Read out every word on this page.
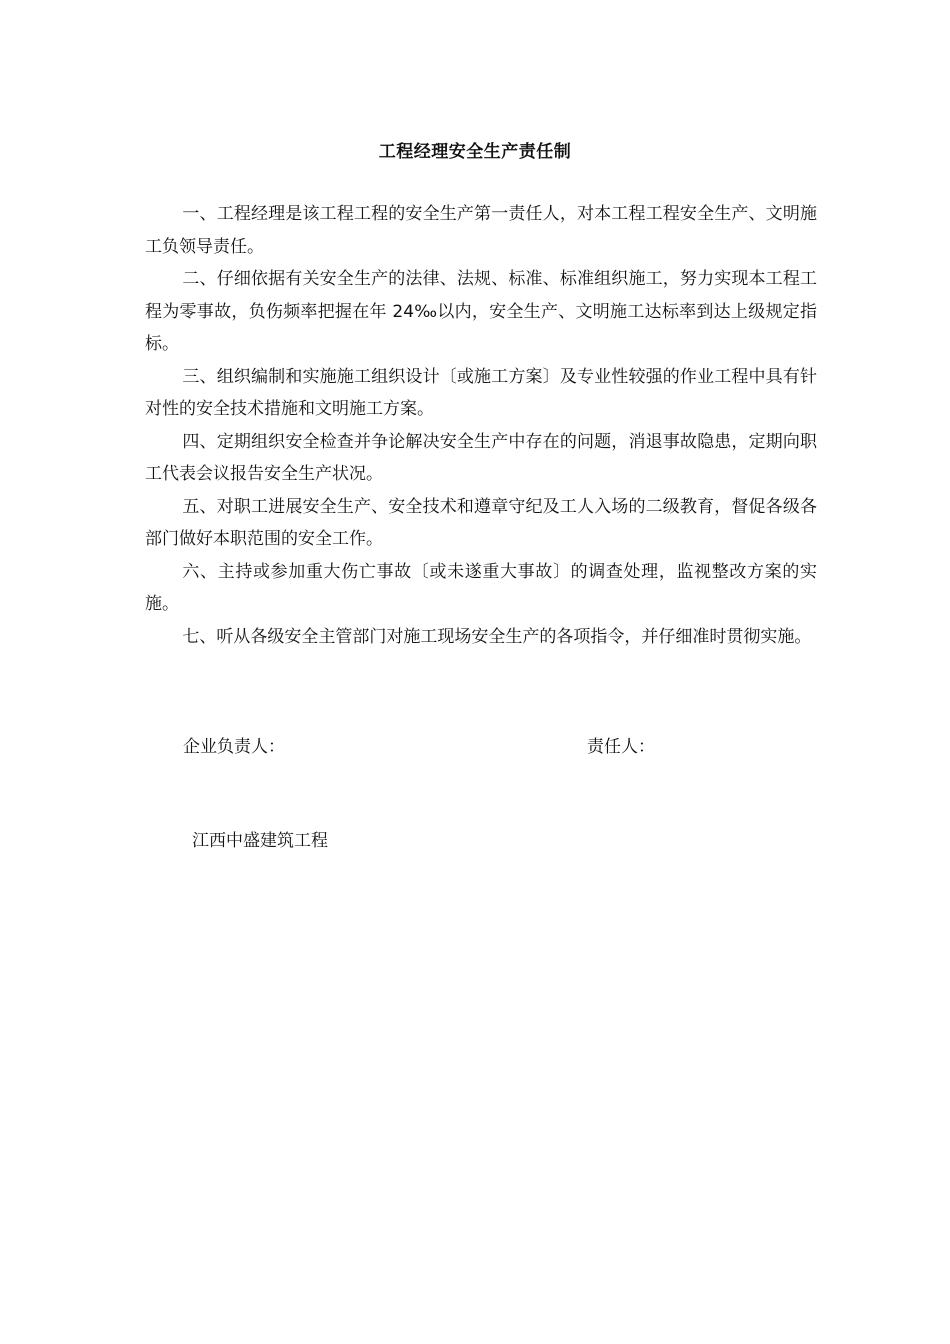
工程经理安全生产责任制

一、工程经理是该工程工程的安全生产第一责任人，对本工程工程安全生产、文明施工负领导责任。

二、仔细依据有关安全生产的法律、法规、标准、标准组织施工，努力实现本工程工程为零事故，负伤频率把握在年 24‰以内，安全生产、文明施工达标率到达上级规定指标。

三、组织编制和实施施工组织设计〔或施工方案〕及专业性较强的作业工程中具有针对性的安全技术措施和文明施工方案。

四、定期组织安全检查并争论解决安全生产中存在的问题，消退事故隐患，定期向职工代表会议报告安全生产状况。

五、对职工进展安全生产、安全技术和遵章守纪及工人入场的二级教育，督促各级各部门做好本职范围的安全工作。

六、主持或参加重大伤亡事故〔或未遂重大事故〕的调查处理，监视整改方案的实施。

七、听从各级安全主管部门对施工现场安全生产的各项指令，并仔细准时贯彻实施。

企业负责人：	责任人：
江西中盛建筑工程
